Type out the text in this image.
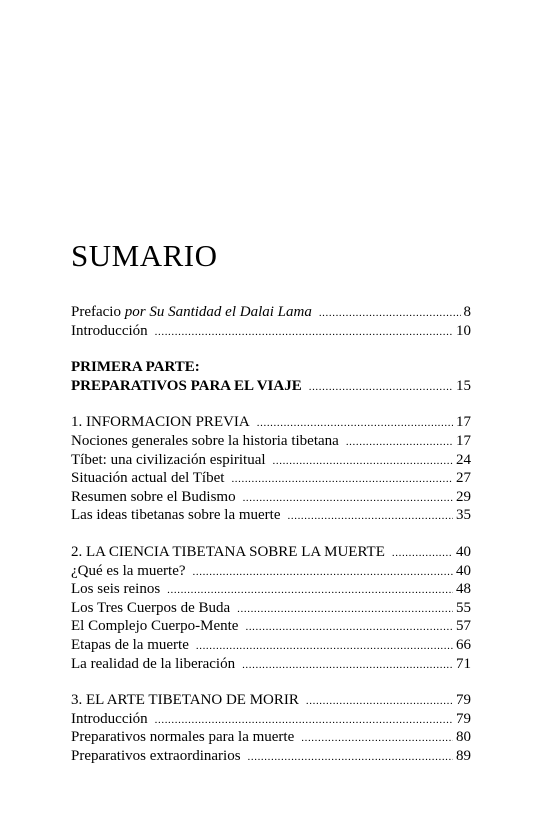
SUMARIO
Prefacio por Su Santidad el Dalai Lama .....	8
Introducción .....	10
PRIMERA PARTE:
PREPARATIVOS PARA EL VIAJE .....	15
1. INFORMACION PREVIA .....	17
Nociones generales sobre la historia tibetana .....	17
Tíbet: una civilización espiritual .....	24
Situación actual del Tíbet .....	27
Resumen sobre el Budismo .....	29
Las ideas tibetanas sobre la muerte .....	35
2. LA CIENCIA TIBETANA SOBRE LA MUERTE .....	40
¿Qué es la muerte? .....	40
Los seis reinos .....	48
Los Tres Cuerpos de Buda .....	55
El Complejo Cuerpo-Mente .....	57
Etapas de la muerte .....	66
La realidad de la liberación .....	71
3. EL ARTE TIBETANO DE MORIR .....	79
Introducción .....	79
Preparativos normales para la muerte .....	80
Preparativos extraordinarios .....	89
